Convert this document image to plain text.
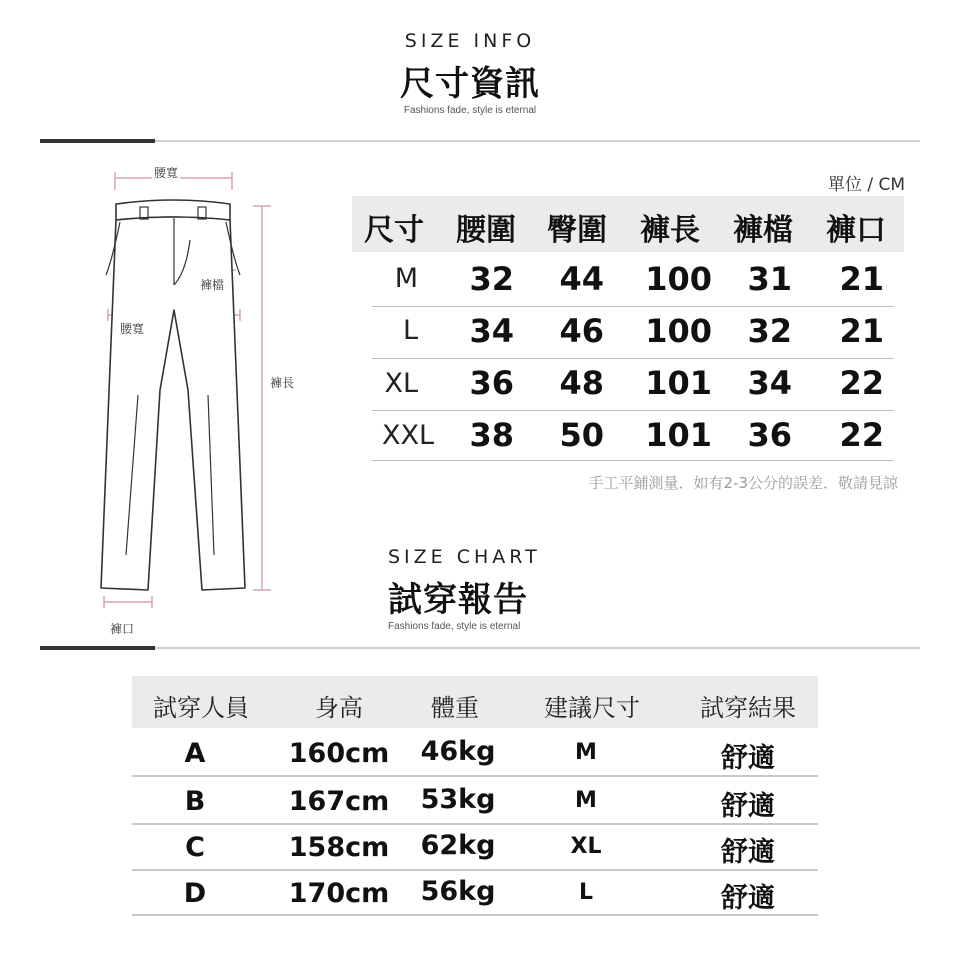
SIZE INFO
尺寸資訊
Fashions fade, style is eternal
腰寬
腰寬
褲檔
褲長
褲口
單位 / CM
尺寸 腰圍 臀圍 褲長 褲檔 褲口
M	32	44	100	31	21
L	34	46	100	32	21
XL	36	48	101	34	22
XXL	38	50	101	36	22
手工平鋪測量．如有2-3公分的誤差．敬請見諒
SIZE CHART
試穿報告
Fashions fade, style is eternal
試穿人員	身高	體重	建議尺寸	試穿結果
A	160cm	46kg	M	舒適
B	167cm	53kg	M	舒適
C	158cm	62kg	XL	舒適
D	170cm	56kg	L	舒適
